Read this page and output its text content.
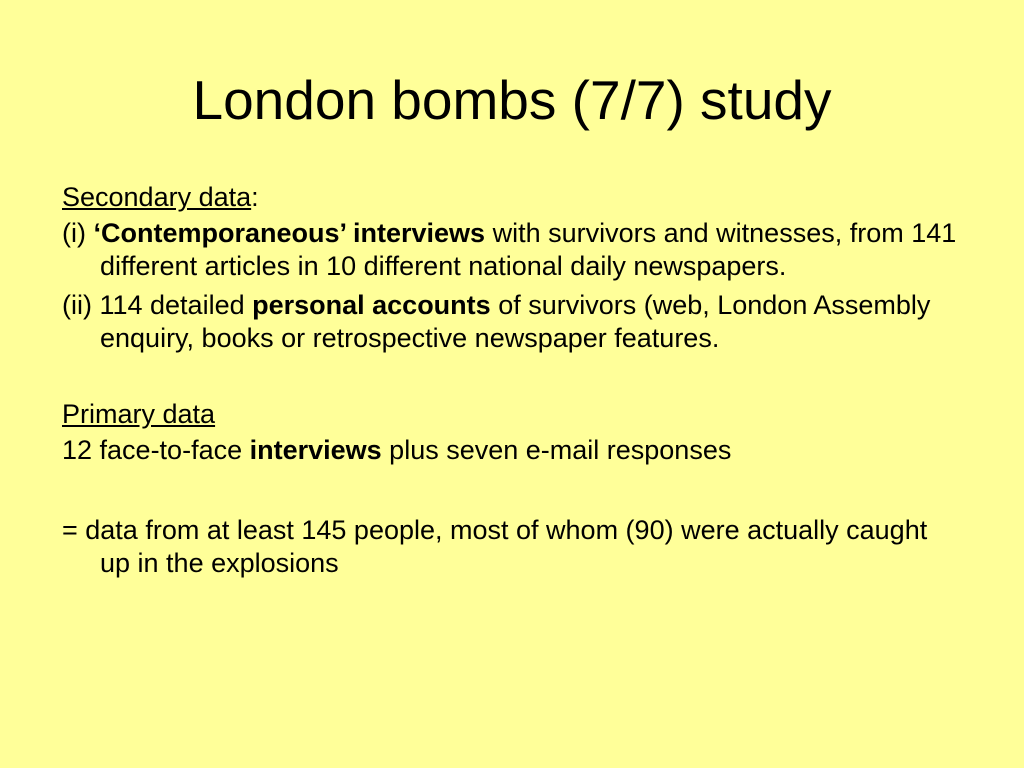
London bombs (7/7) study

Secondary data:

(i) ‘Contemporaneous’ interviews with survivors and witnesses, from 141 different articles in 10 different national daily newspapers.

(ii) 114 detailed personal accounts of survivors (web, London Assembly enquiry, books or retrospective newspaper features.

Primary data

12 face-to-face interviews plus seven e-mail responses

= data from at least 145 people, most of whom (90) were actually caught up in the explosions
